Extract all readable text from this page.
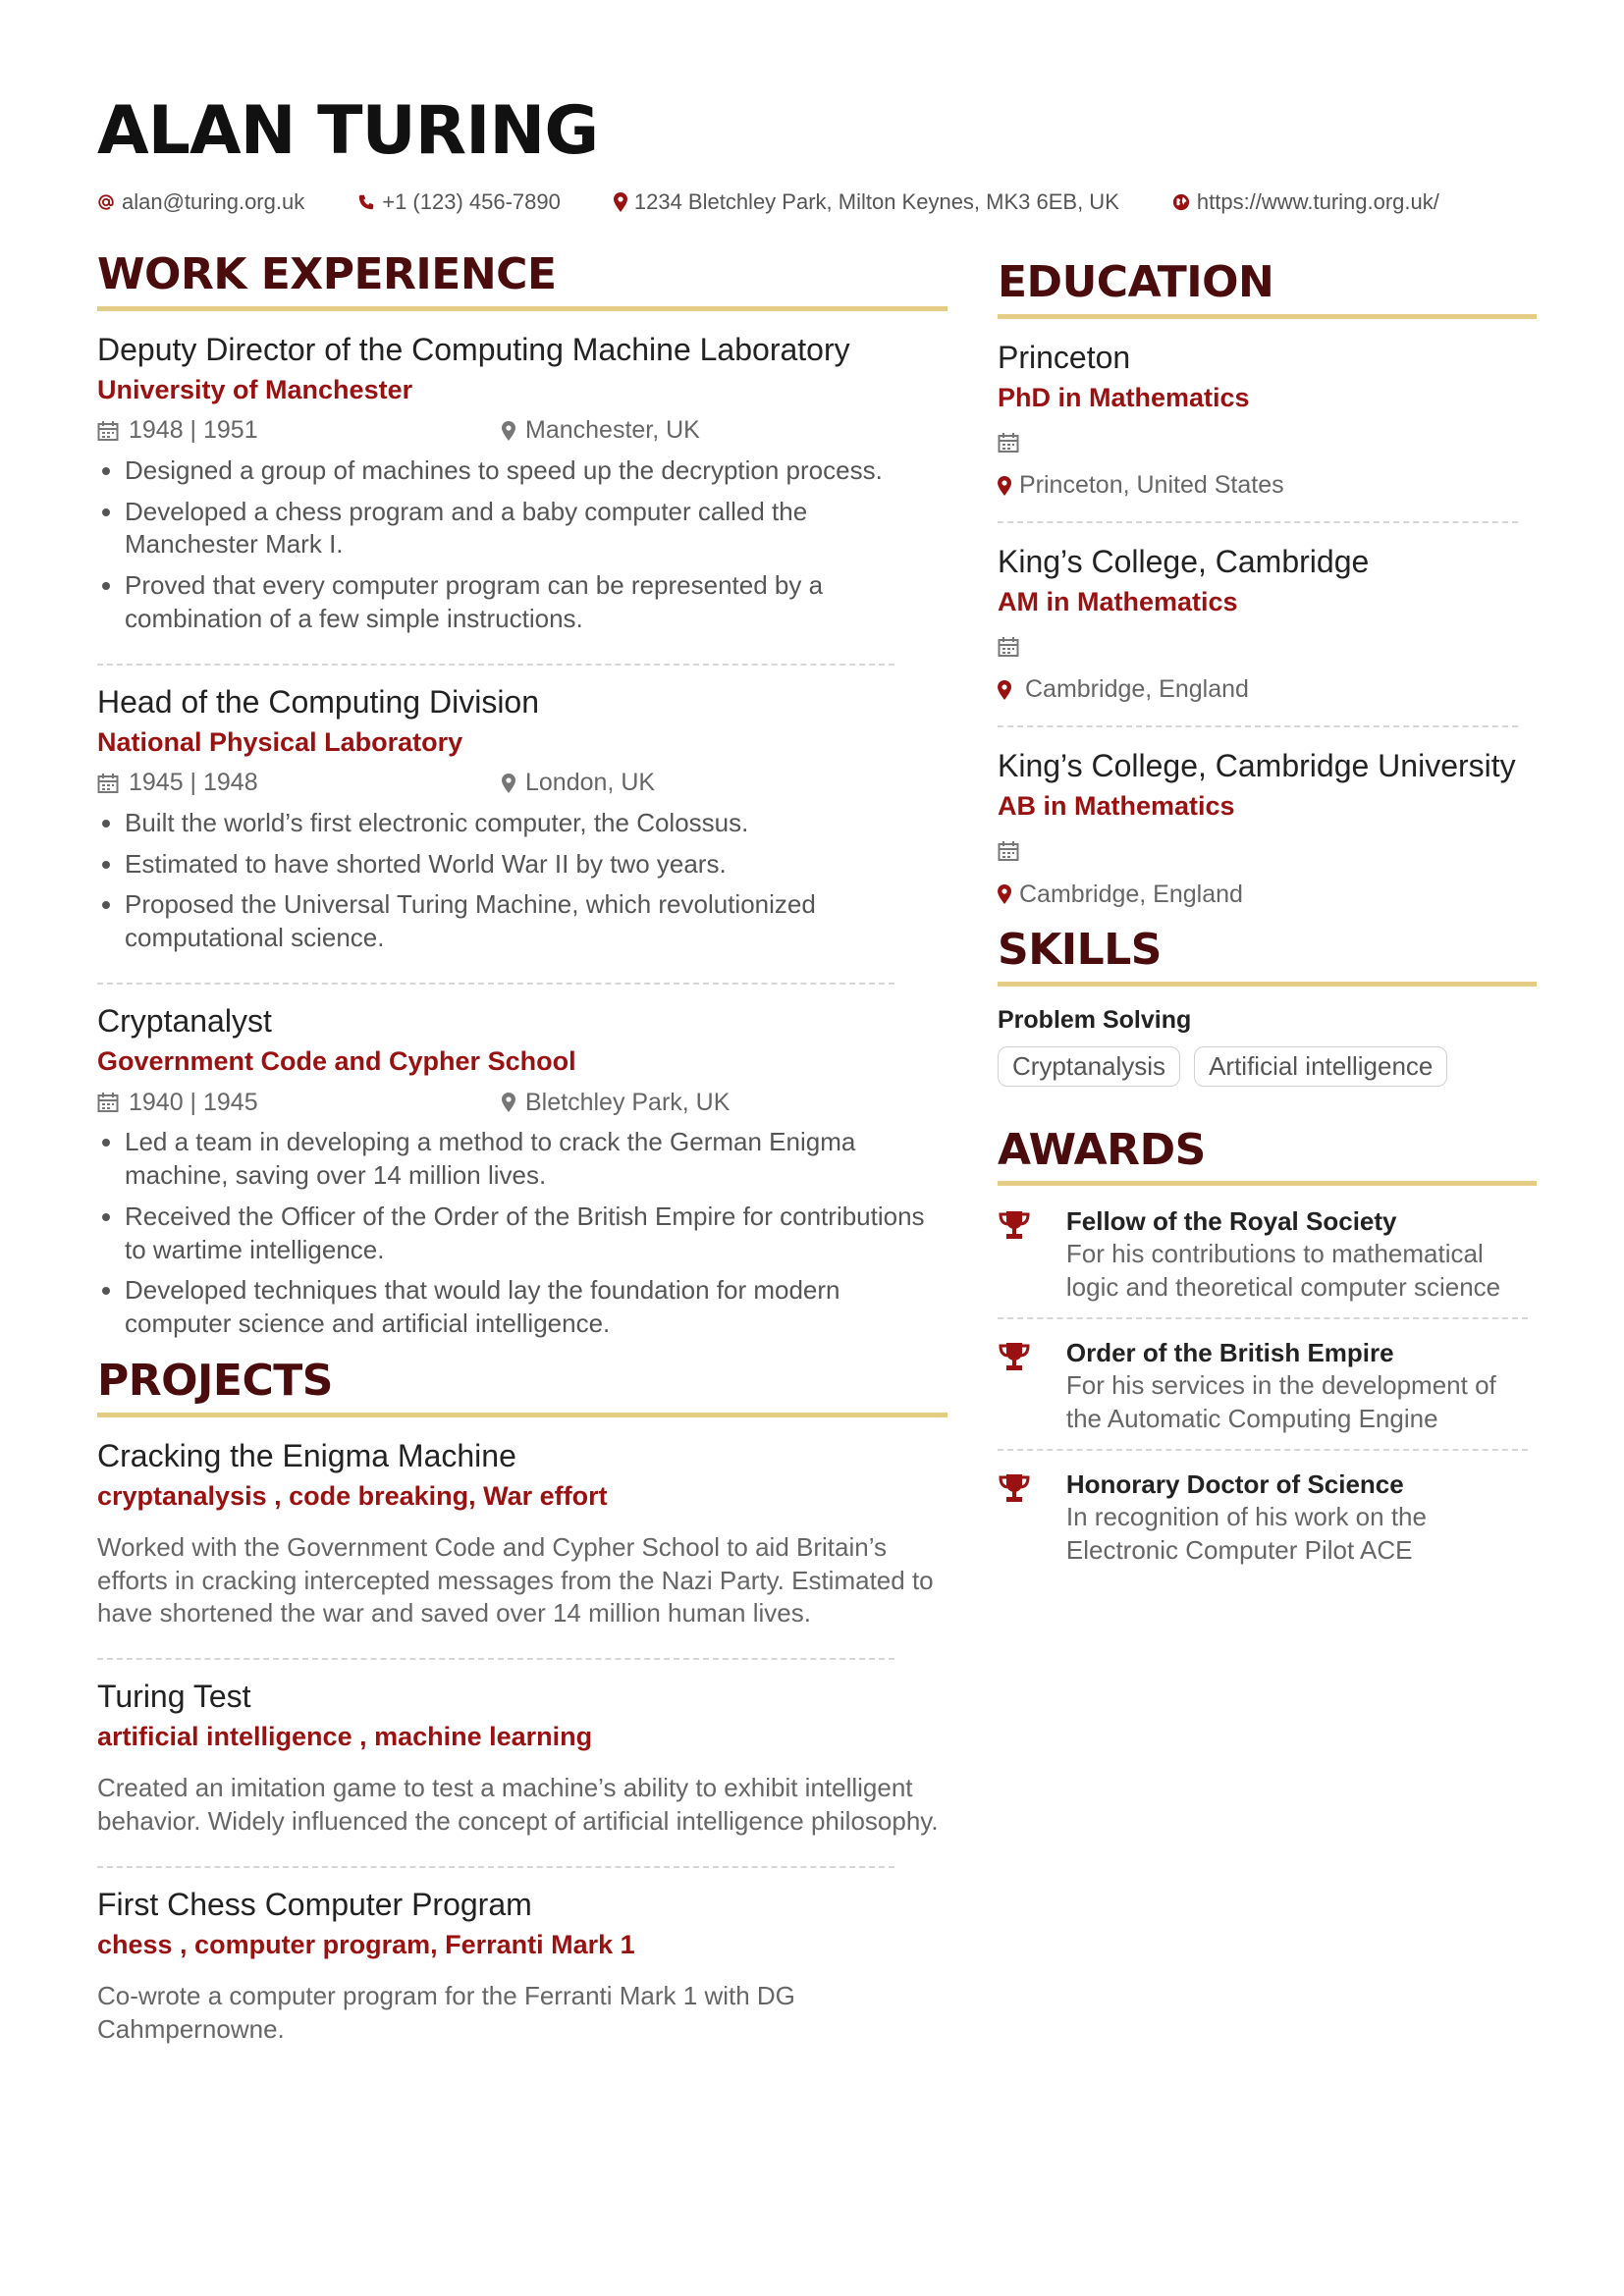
ALAN TURING
alan@turing.org.uk	+1 (123) 456-7890	1234 Bletchley Park, Milton Keynes, MK3 6EB, UK	https://www.turing.org.uk/
WORK EXPERIENCE
Deputy Director of the Computing Machine Laboratory
University of Manchester
1948 | 1951	Manchester, UK
• Designed a group of machines to speed up the decryption process.
• Developed a chess program and a baby computer called the Manchester Mark I.
• Proved that every computer program can be represented by a combination of a few simple instructions.
Head of the Computing Division
National Physical Laboratory
1945 | 1948	London, UK
• Built the world’s first electronic computer, the Colossus.
• Estimated to have shorted World War II by two years.
• Proposed the Universal Turing Machine, which revolutionized computational science.
Cryptanalyst
Government Code and Cypher School
1940 | 1945	Bletchley Park, UK
• Led a team in developing a method to crack the German Enigma machine, saving over 14 million lives.
• Received the Officer of the Order of the British Empire for contributions to wartime intelligence.
• Developed techniques that would lay the foundation for modern computer science and artificial intelligence.
PROJECTS
Cracking the Enigma Machine
cryptanalysis , code breaking, War effort
Worked with the Government Code and Cypher School to aid Britain’s efforts in cracking intercepted messages from the Nazi Party. Estimated to have shortened the war and saved over 14 million human lives.
Turing Test
artificial intelligence , machine learning
Created an imitation game to test a machine’s ability to exhibit intelligent behavior. Widely influenced the concept of artificial intelligence philosophy.
First Chess Computer Program
chess , computer program, Ferranti Mark 1
Co-wrote a computer program for the Ferranti Mark 1 with DG Cahmpernowne.
EDUCATION
Princeton
PhD in Mathematics
Princeton, United States
King’s College, Cambridge
AM in Mathematics
Cambridge, England
King’s College, Cambridge University
AB in Mathematics
Cambridge, England
SKILLS
Problem Solving
Cryptanalysis	Artificial intelligence
AWARDS
Fellow of the Royal Society
For his contributions to mathematical logic and theoretical computer science
Order of the British Empire
For his services in the development of the Automatic Computing Engine
Honorary Doctor of Science
In recognition of his work on the Electronic Computer Pilot ACE
